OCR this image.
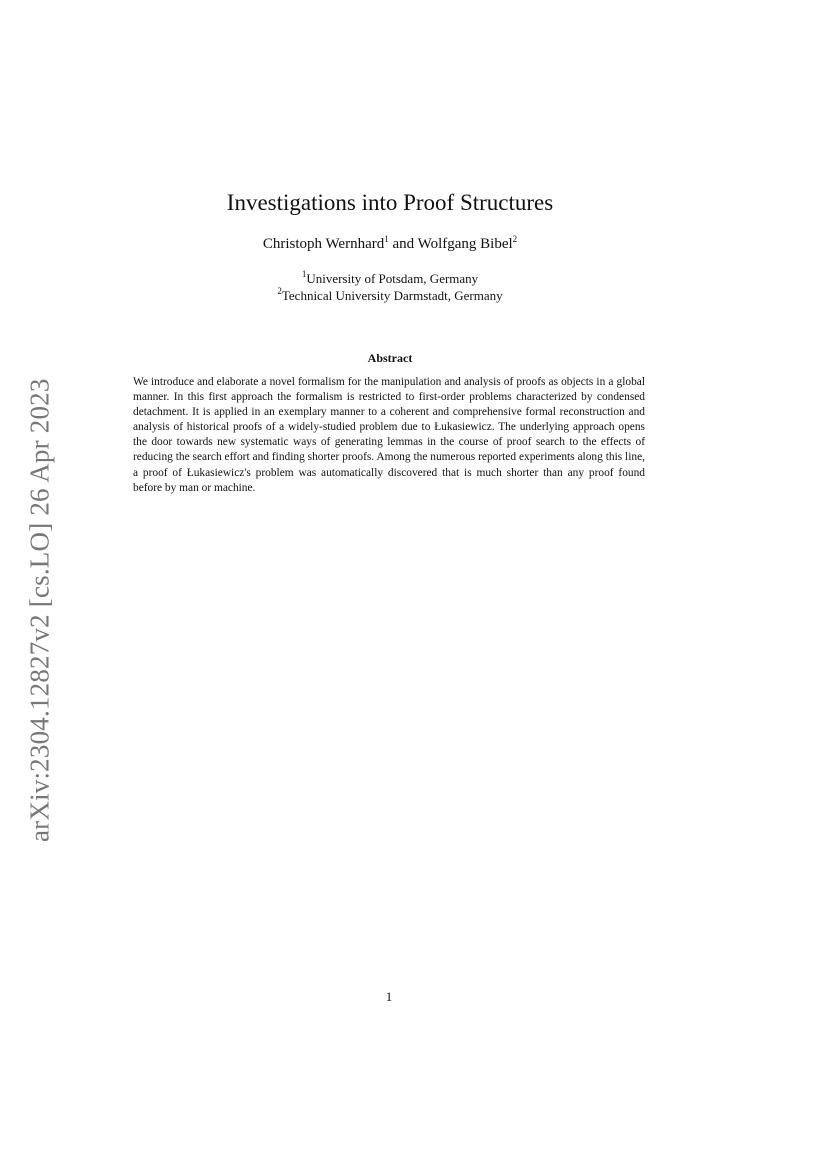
arXiv:2304.12827v2 [cs.LO] 26 Apr 2023
Investigations into Proof Structures
Christoph Wernhard$^1$ and Wolfgang Bibel$^2$
$^1$University of Potsdam, Germany
$^2$Technical University Darmstadt, Germany
Abstract
We introduce and elaborate a novel formalism for the manipulation and analysis of proofs as objects in a global manner. In this first approach the formalism is restricted to first-order problems characterized by condensed detachment. It is applied in an exemplary manner to a coherent and comprehensive formal reconstruction and analysis of historical proofs of a widely-studied problem due to Łukasiewicz. The underlying approach opens the door towards new systematic ways of generating lemmas in the course of proof search to the effects of reducing the search effort and finding shorter proofs. Among the numerous reported experiments along this line, a proof of Łukasiewicz's problem was automatically discovered that is much shorter than any proof found before by man or machine.
1
